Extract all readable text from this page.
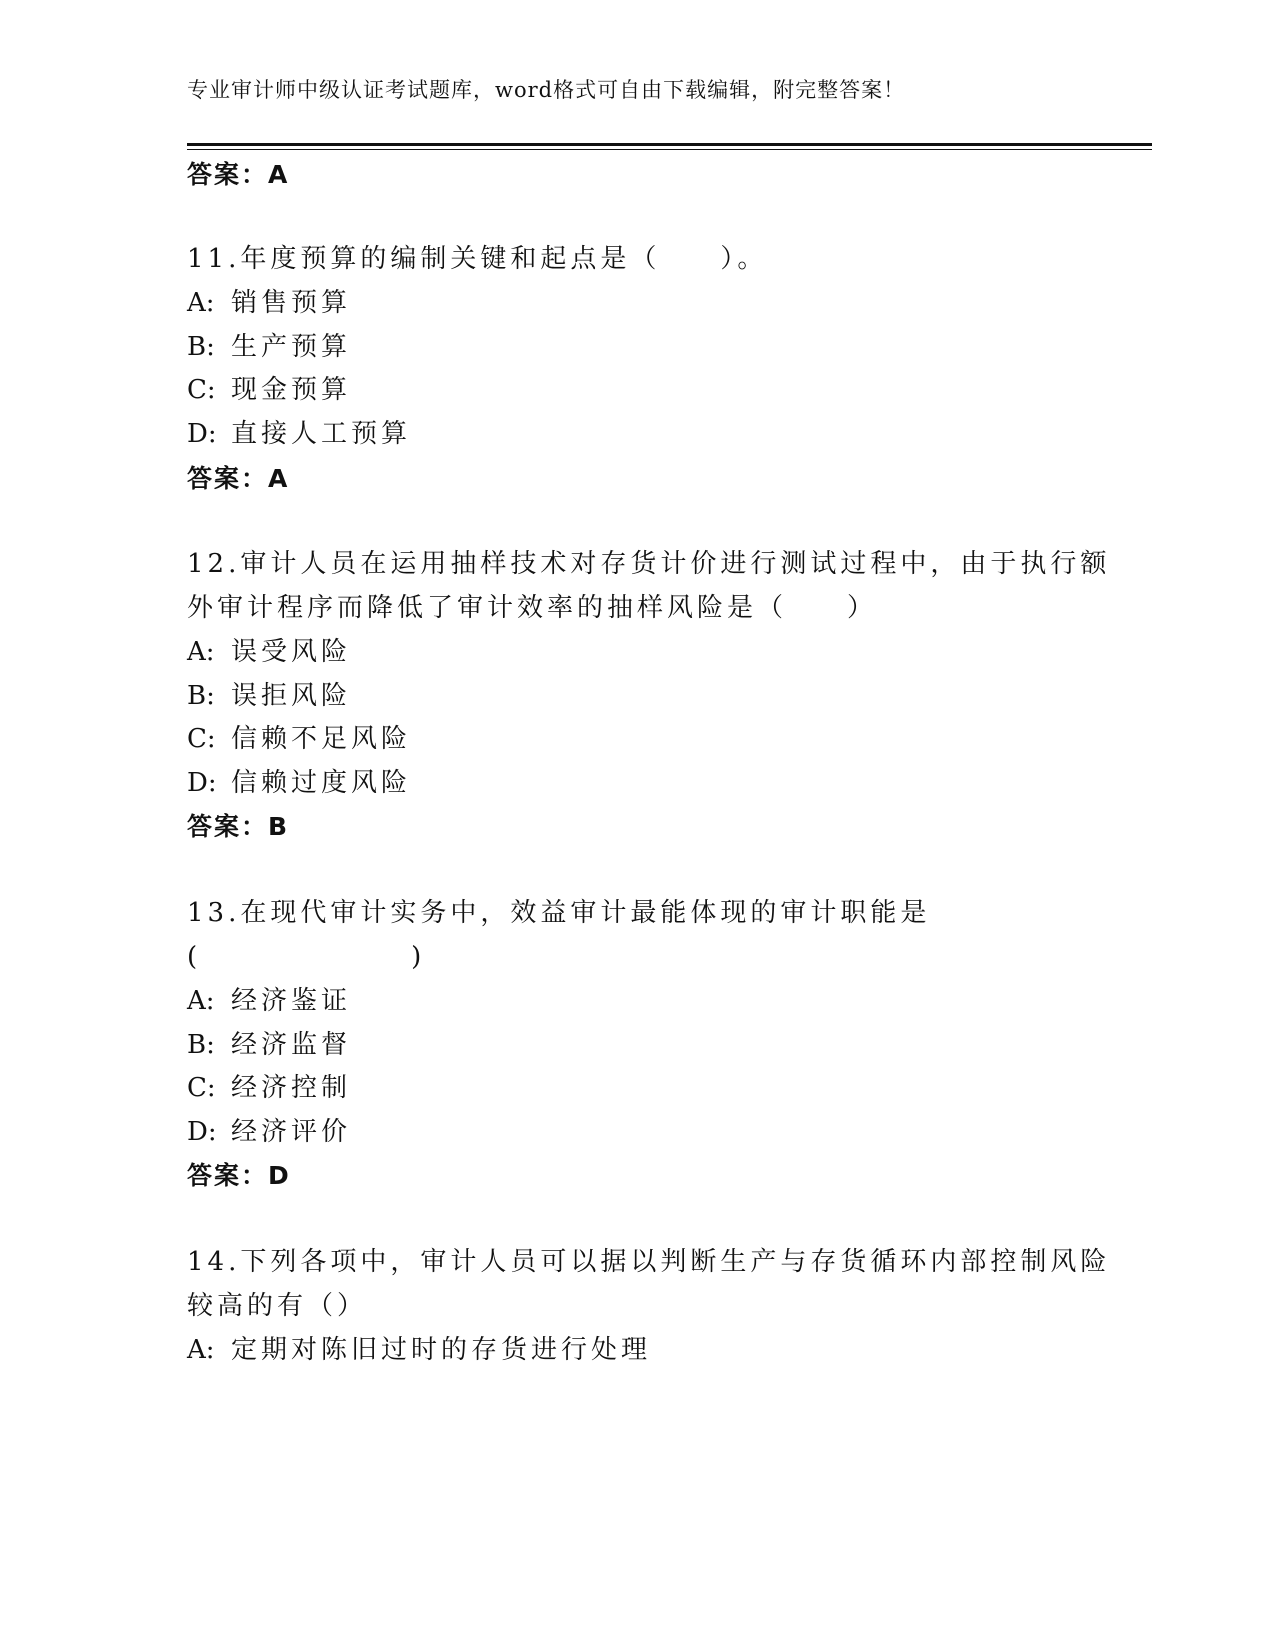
专业审计师中级认证考试题库，word格式可自由下载编辑，附完整答案！
答案：A
11.年度预算的编制关键和起点是（　　）。
A: 销售预算
B: 生产预算
C: 现金预算
D: 直接人工预算
答案：A
12.审计人员在运用抽样技术对存货计价进行测试过程中，由于执行额
外审计程序而降低了审计效率的抽样风险是（　　）
A: 误受风险
B: 误拒风险
C: 信赖不足风险
D: 信赖过度风险
答案：B
13.在现代审计实务中，效益审计最能体现的审计职能是
(　　　　　　　)
A: 经济鉴证
B: 经济监督
C: 经济控制
D: 经济评价
答案：D
14.下列各项中，审计人员可以据以判断生产与存货循环内部控制风险
较高的有（）
A: 定期对陈旧过时的存货进行处理
